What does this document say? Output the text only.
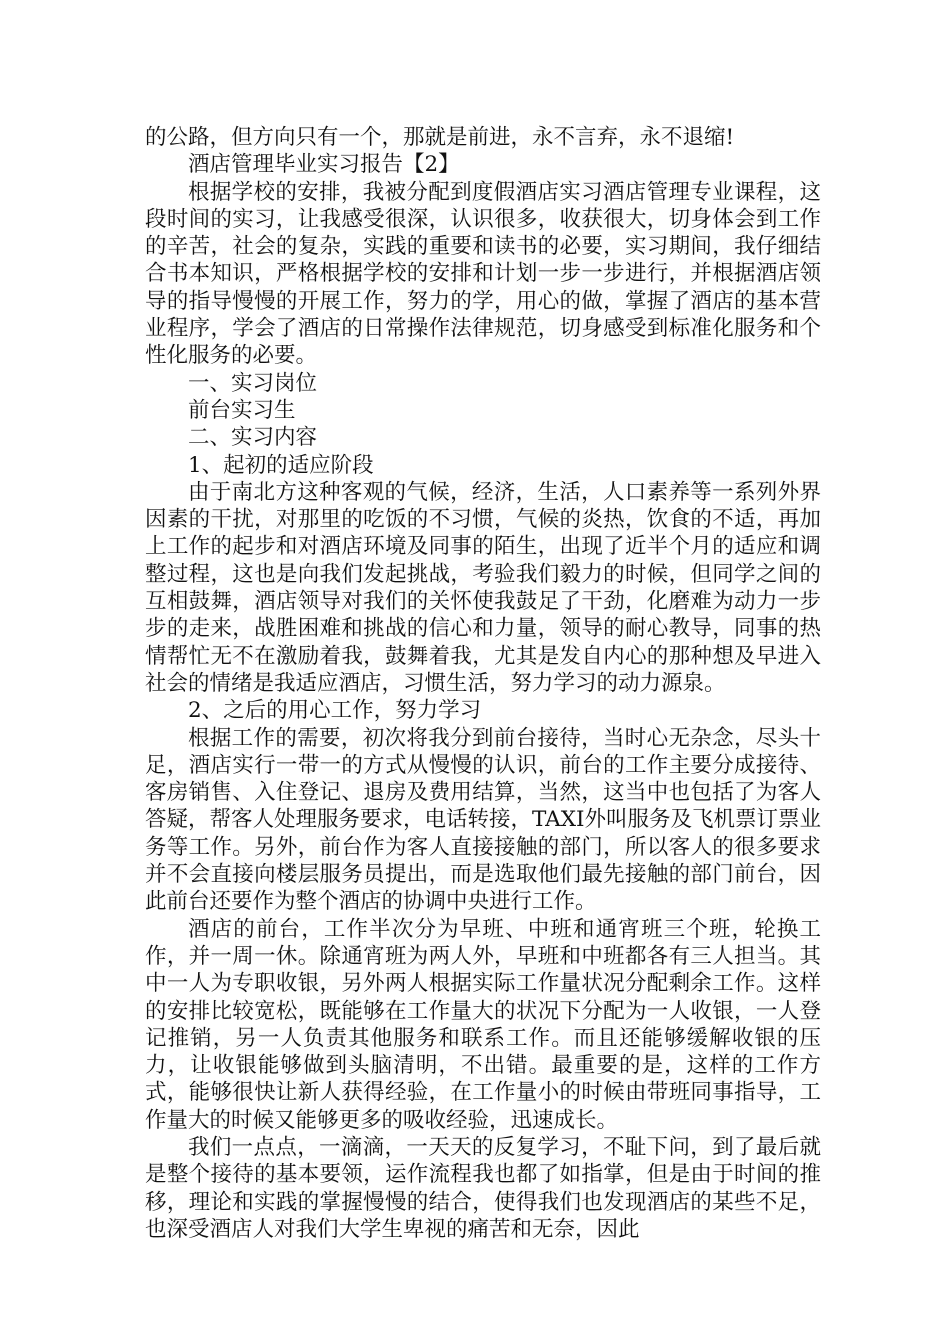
的公路，但方向只有一个，那就是前进，永不言弃，永不退缩!

酒店管理毕业实习报告【2】

根据学校的安排，我被分配到度假酒店实习酒店管理专业课程，这段时间的实习，让我感受很深，认识很多，收获很大，切身体会到工作的辛苦，社会的复杂，实践的重要和读书的必要，实习期间，我仔细结合书本知识，严格根据学校的安排和计划一步一步进行，并根据酒店领导的指导慢慢的开展工作，努力的学，用心的做，掌握了酒店的基本营业程序，学会了酒店的日常操作法律规范，切身感受到标准化服务和个性化服务的必要。

一、实习岗位

前台实习生

二、实习内容

1、起初的适应阶段

由于南北方这种客观的气候，经济，生活，人口素养等一系列外界因素的干扰，对那里的吃饭的不习惯，气候的炎热，饮食的不适，再加上工作的起步和对酒店环境及同事的陌生，出现了近半个月的适应和调整过程，这也是向我们发起挑战，考验我们毅力的时候，但同学之间的互相鼓舞，酒店领导对我们的关怀使我鼓足了干劲，化磨难为动力一步步的走来，战胜困难和挑战的信心和力量，领导的耐心教导，同事的热情帮忙无不在激励着我，鼓舞着我，尤其是发自内心的那种想及早进入社会的情绪是我适应酒店，习惯生活，努力学习的动力源泉。

2、之后的用心工作，努力学习

根据工作的需要，初次将我分到前台接待，当时心无杂念，尽头十足，酒店实行一带一的方式从慢慢的认识，前台的工作主要分成接待、客房销售、入住登记、退房及费用结算，当然，这当中也包括了为客人答疑，帮客人处理服务要求，电话转接，TAXI外叫服务及飞机票订票业务等工作。另外，前台作为客人直接接触的部门，所以客人的很多要求并不会直接向楼层服务员提出，而是选取他们最先接触的部门前台，因此前台还要作为整个酒店的协调中央进行工作。

酒店的前台，工作半次分为早班、中班和通宵班三个班，轮换工作，并一周一休。除通宵班为两人外，早班和中班都各有三人担当。其中一人为专职收银，另外两人根据实际工作量状况分配剩余工作。这样的安排比较宽松，既能够在工作量大的状况下分配为一人收银，一人登记推销，另一人负责其他服务和联系工作。而且还能够缓解收银的压力，让收银能够做到头脑清明，不出错。最重要的是，这样的工作方式，能够很快让新人获得经验，在工作量小的时候由带班同事指导，工作量大的时候又能够更多的吸收经验，迅速成长。

我们一点点，一滴滴，一天天的反复学习，不耻下问，到了最后就是整个接待的基本要领，运作流程我也都了如指掌，但是由于时间的推移，理论和实践的掌握慢慢的结合，使得我们也发现酒店的某些不足，也深受酒店人对我们大学生卑视的痛苦和无奈，因此
